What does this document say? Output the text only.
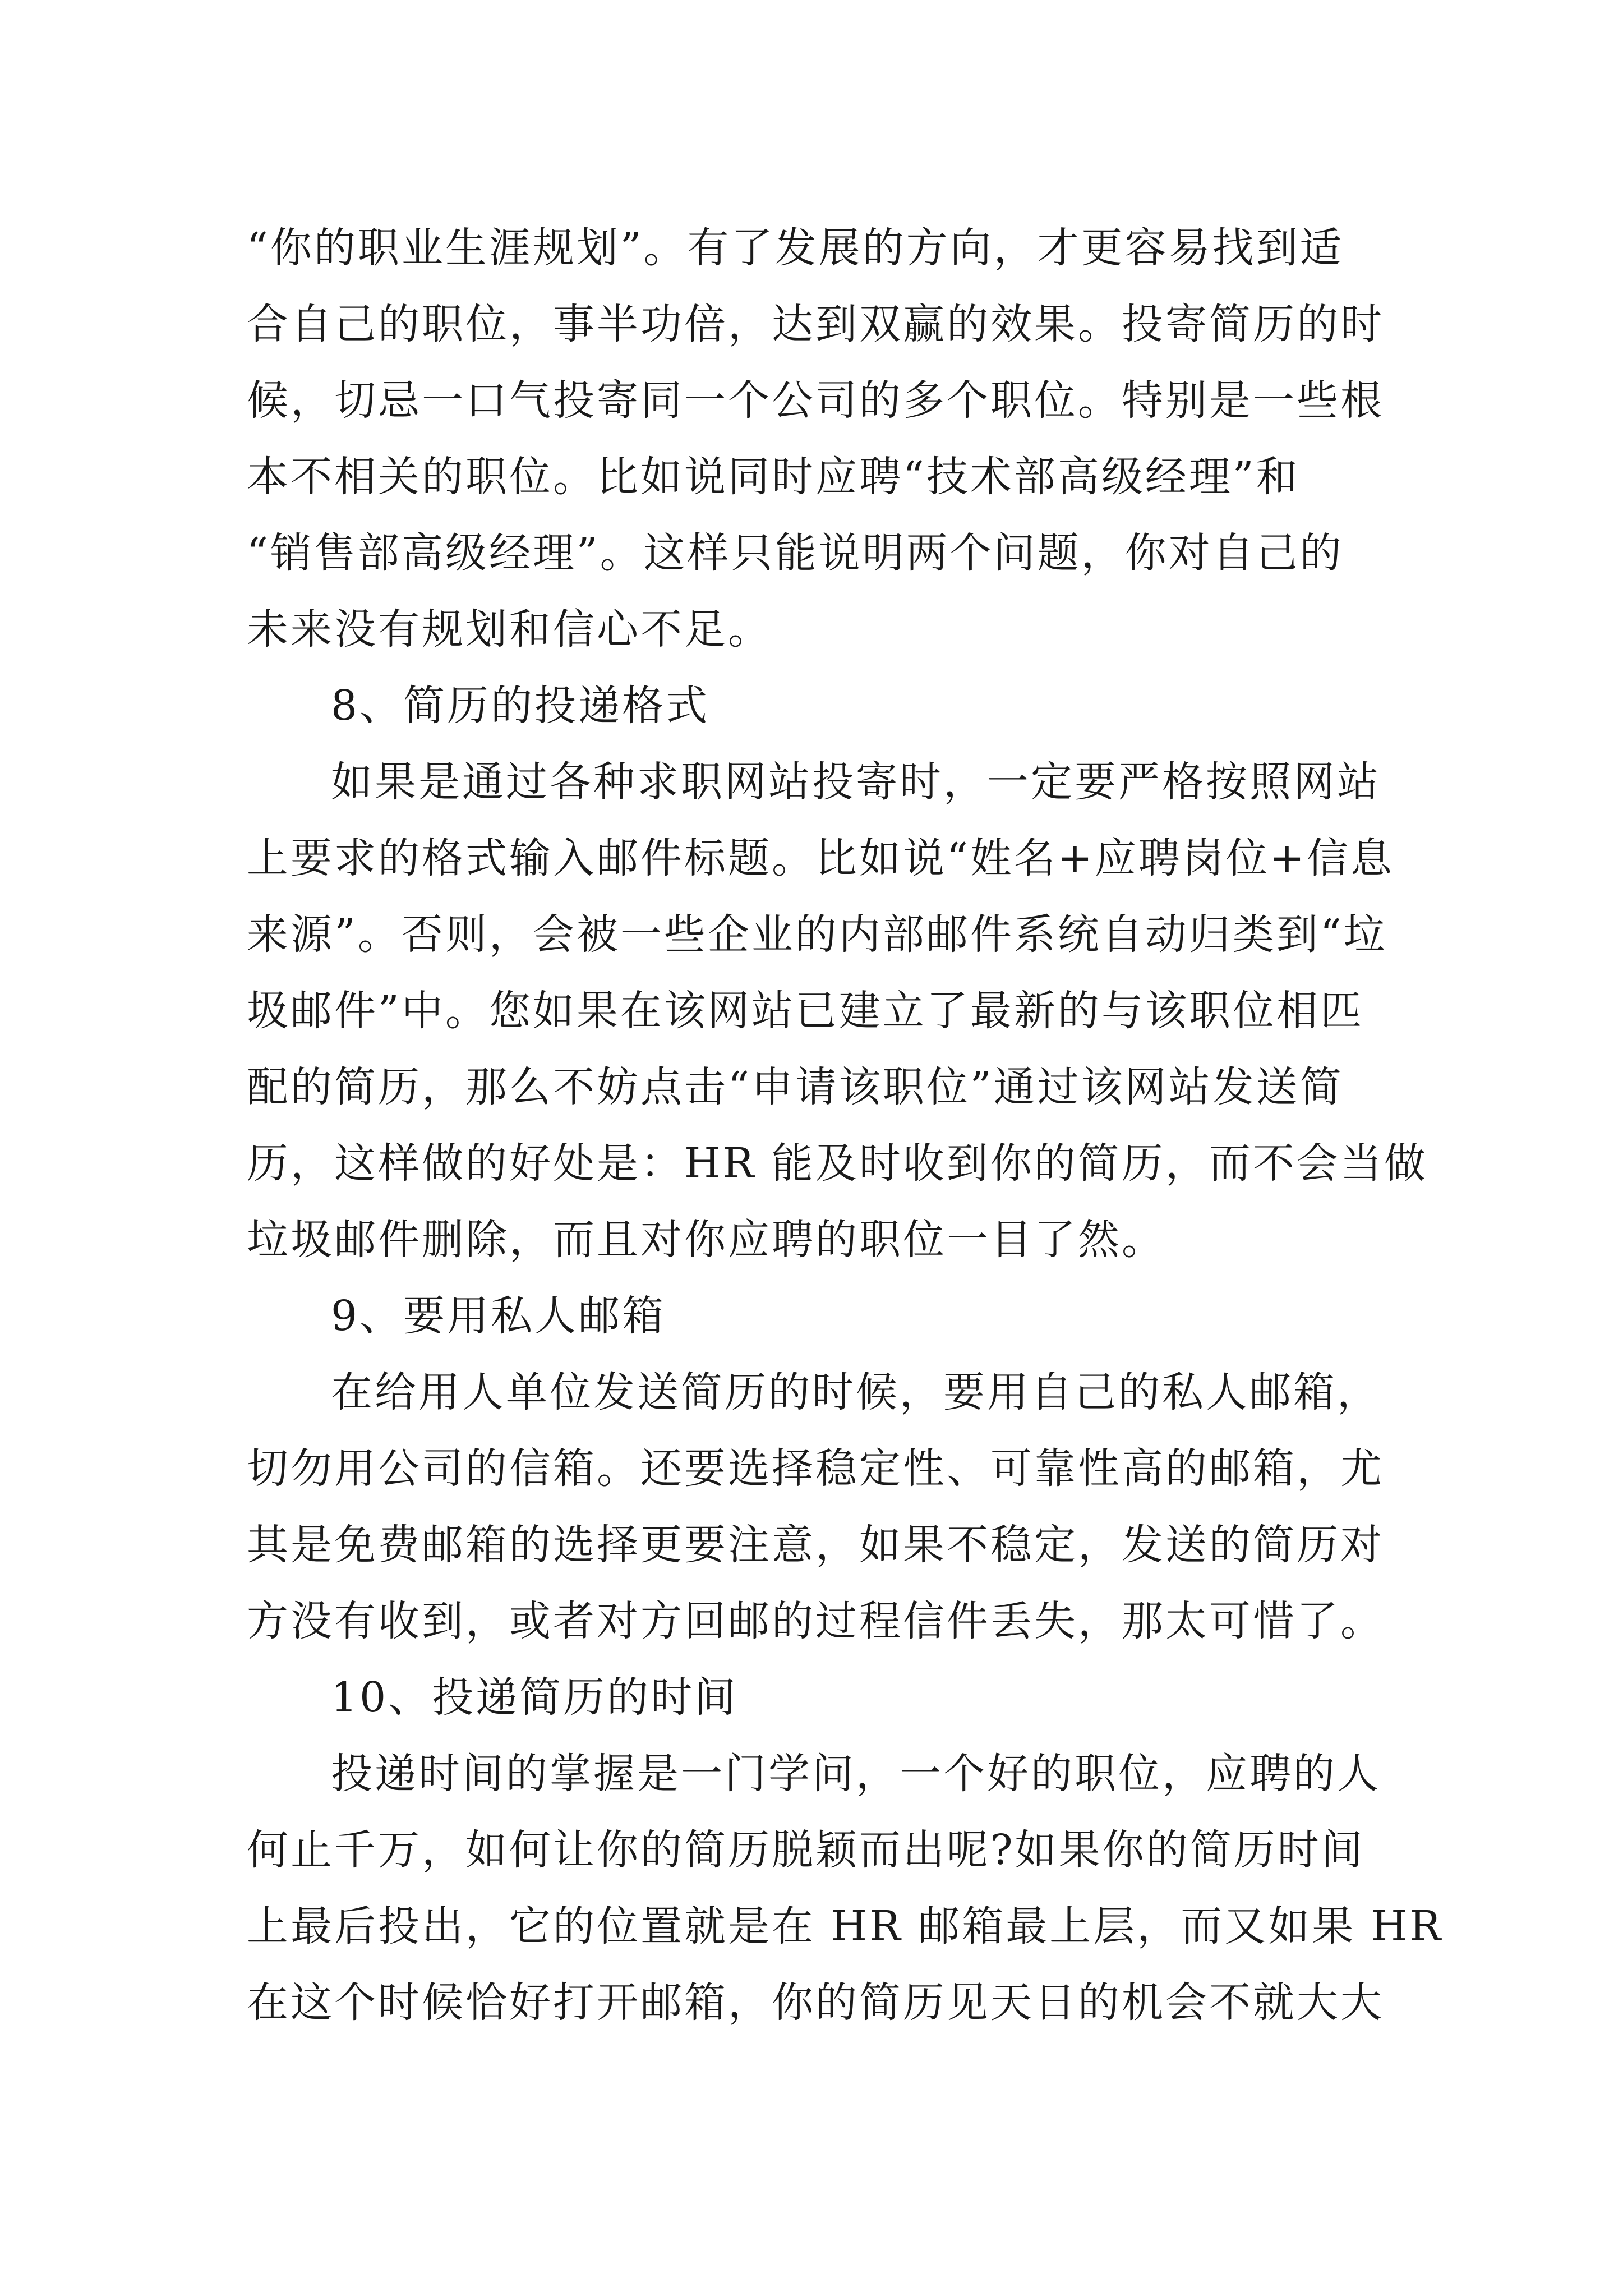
“你的职业生涯规划”。有了发展的方向，才更容易找到适
合自己的职位，事半功倍，达到双赢的效果。投寄简历的时
候，切忌一口气投寄同一个公司的多个职位。特别是一些根
本不相关的职位。比如说同时应聘“技术部高级经理”和
“销售部高级经理”。这样只能说明两个问题，你对自己的
未来没有规划和信心不足。
8、简历的投递格式
如果是通过各种求职网站投寄时，一定要严格按照网站
上要求的格式输入邮件标题。比如说“姓名+应聘岗位+信息
来源”。否则，会被一些企业的内部邮件系统自动归类到“垃
圾邮件”中。您如果在该网站已建立了最新的与该职位相匹
配的简历，那么不妨点击“申请该职位”通过该网站发送简
历，这样做的好处是：HR 能及时收到你的简历，而不会当做
垃圾邮件删除，而且对你应聘的职位一目了然。
9、要用私人邮箱
在给用人单位发送简历的时候，要用自己的私人邮箱，
切勿用公司的信箱。还要选择稳定性、可靠性高的邮箱，尤
其是免费邮箱的选择更要注意，如果不稳定，发送的简历对
方没有收到，或者对方回邮的过程信件丢失，那太可惜了。
10、投递简历的时间
投递时间的掌握是一门学问，一个好的职位，应聘的人
何止千万，如何让你的简历脱颖而出呢?如果你的简历时间
上最后投出，它的位置就是在 HR 邮箱最上层，而又如果 HR
在这个时候恰好打开邮箱，你的简历见天日的机会不就大大
